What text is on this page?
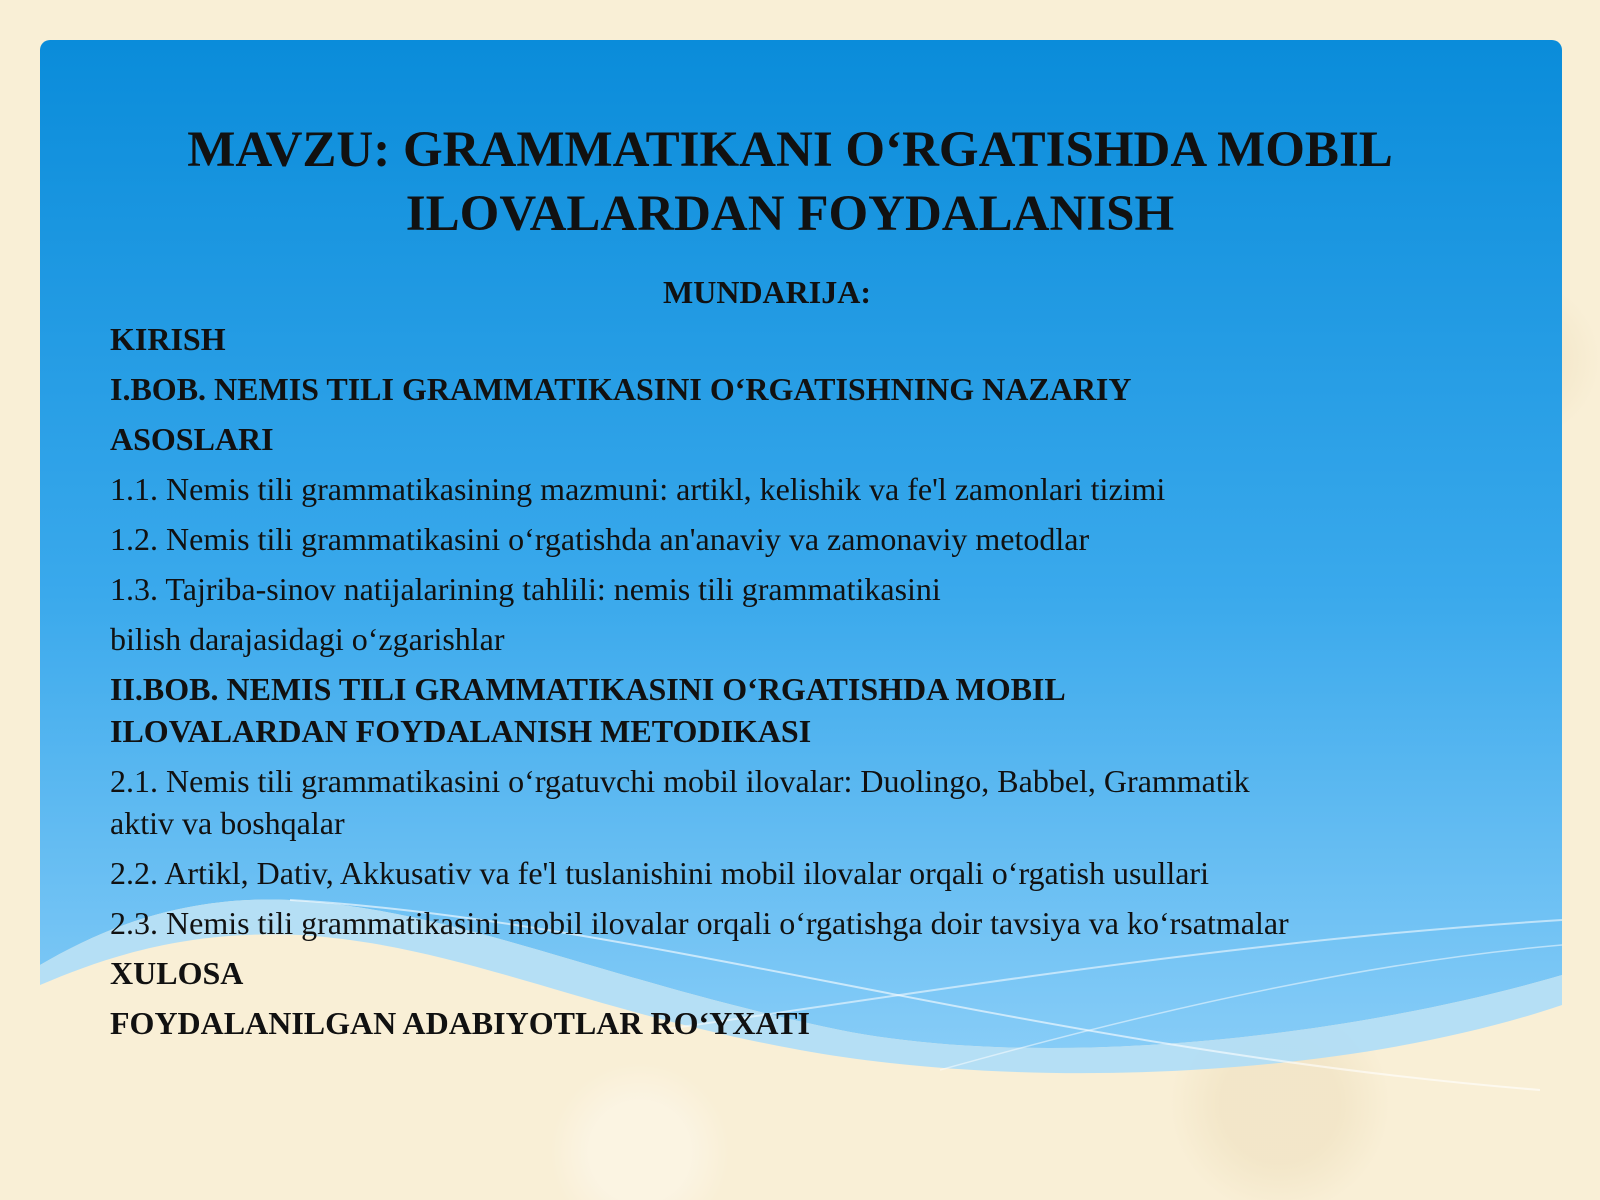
MAVZU: GRAMMATIKANI O‘RGATISHDA MOBIL
ILOVALARDAN FOYDALANISH
MUNDARIJA:
KIRISH
I.BOB. NEMIS TILI GRAMMATIKASINI O‘RGATISHNING NAZARIY
ASOSLARI
1.1. Nemis tili grammatikasining mazmuni: artikl, kelishik va fe'l zamonlari tizimi
1.2. Nemis tili grammatikasini o‘rgatishda an'anaviy va zamonaviy metodlar
1.3. Tajriba-sinov natijalarining tahlili: nemis tili grammatikasini
bilish darajasidagi o‘zgarishlar
II.BOB. NEMIS TILI GRAMMATIKASINI O‘RGATISHDA MOBIL
ILOVALARDAN FOYDALANISH METODIKASI
2.1. Nemis tili grammatikasini o‘rgatuvchi mobil ilovalar: Duolingo, Babbel, Grammatik
aktiv va boshqalar
2.2. Artikl, Dativ, Akkusativ va fe'l tuslanishini mobil ilovalar orqali o‘rgatish usullari
2.3. Nemis tili grammatikasini mobil ilovalar orqali o‘rgatishga doir tavsiya va ko‘rsatmalar
XULOSA
FOYDALANILGAN ADABIYOTLAR RO‘YXATI
